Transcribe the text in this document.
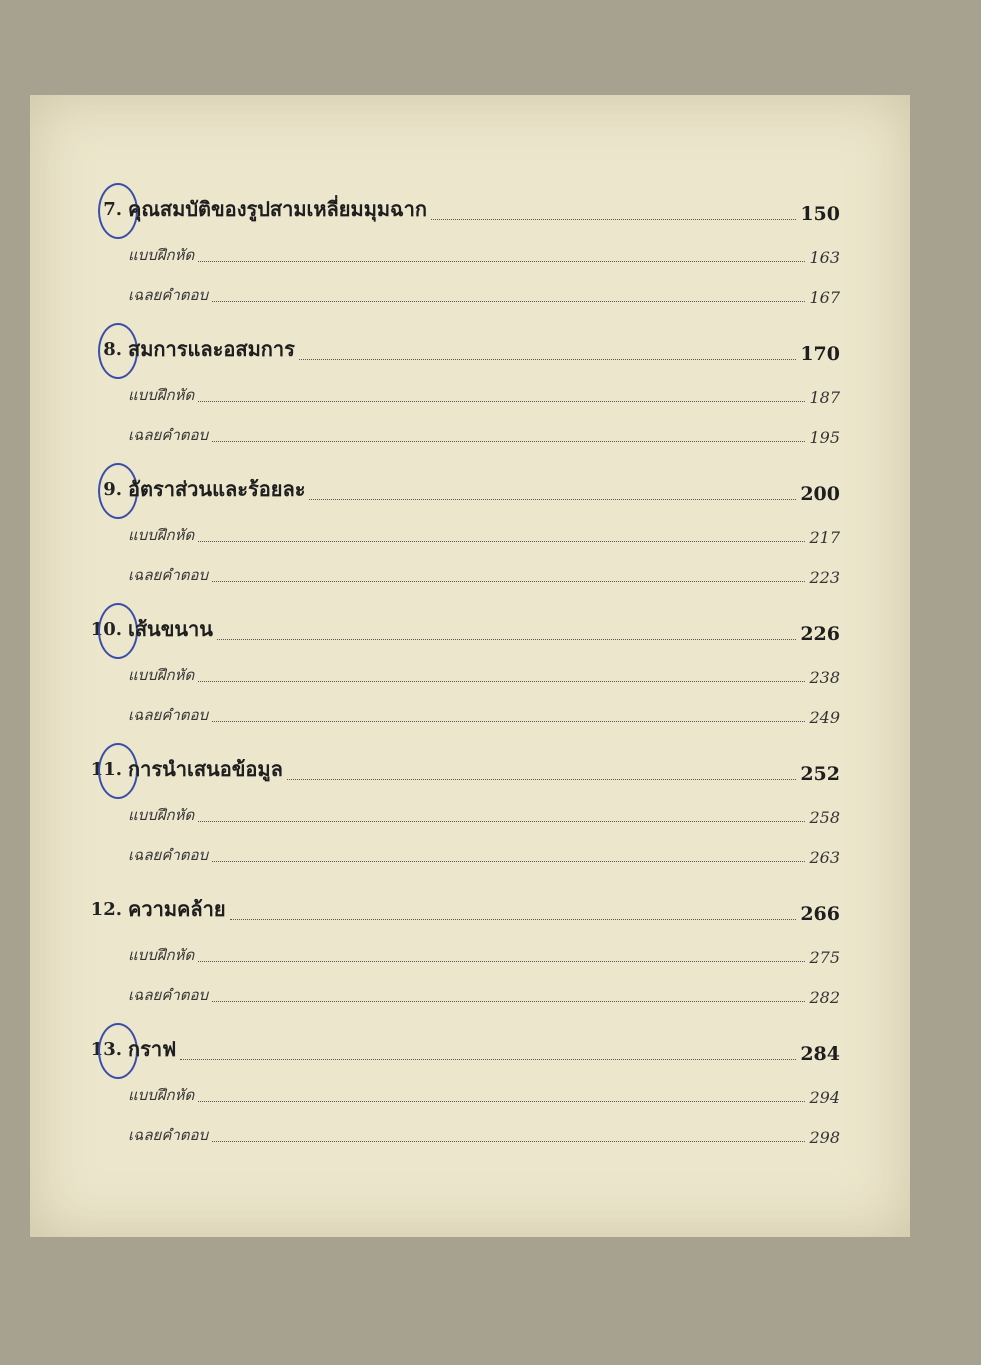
7. คุณสมบัติของรูปสามเหลี่ยมมุมฉาก	150
แบบฝึกหัด	163
เฉลยคำตอบ	167
8. สมการและอสมการ	170
แบบฝึกหัด	187
เฉลยคำตอบ	195
9. อัตราส่วนและร้อยละ	200
แบบฝึกหัด	217
เฉลยคำตอบ	223
10. เส้นขนาน	226
แบบฝึกหัด	238
เฉลยคำตอบ	249
11. การนำเสนอข้อมูล	252
แบบฝึกหัด	258
เฉลยคำตอบ	263
12. ความคล้าย	266
แบบฝึกหัด	275
เฉลยคำตอบ	282
13. กราฟ	284
แบบฝึกหัด	294
เฉลยคำตอบ	298
